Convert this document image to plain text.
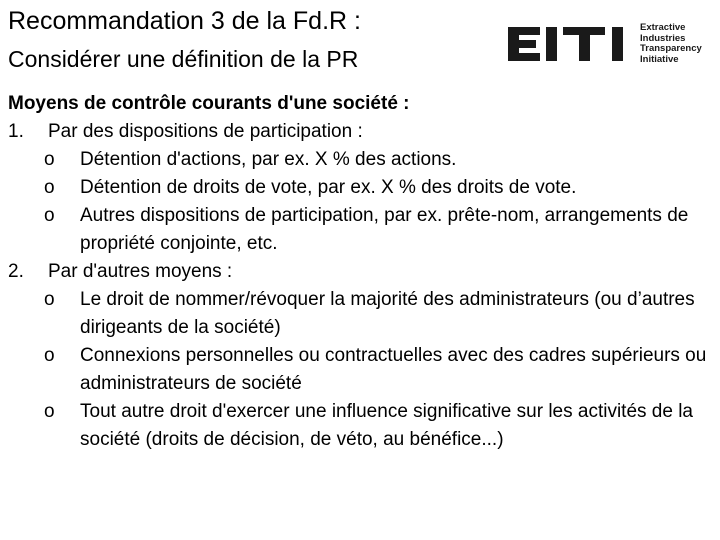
Recommandation 3 de la Fd.R :
Considérer une définition de la PR
Extractive
Industries
Transparency
Initiative
Moyens de contrôle courants d'une société :
1. Par des dispositions de participation :
o Détention d'actions, par ex. X % des actions.
o Détention de droits de vote, par ex. X % des droits de vote.
o Autres dispositions de participation, par ex. prête-nom, arrangements de propriété conjointe, etc.
2. Par d'autres moyens :
o Le droit de nommer/révoquer la majorité des administrateurs (ou d’autres dirigeants de la société)
o Connexions personnelles ou contractuelles avec des cadres supérieurs ou administrateurs de société
o Tout autre droit d'exercer une influence significative sur les activités de la société (droits de décision, de véto, au bénéfice...)
